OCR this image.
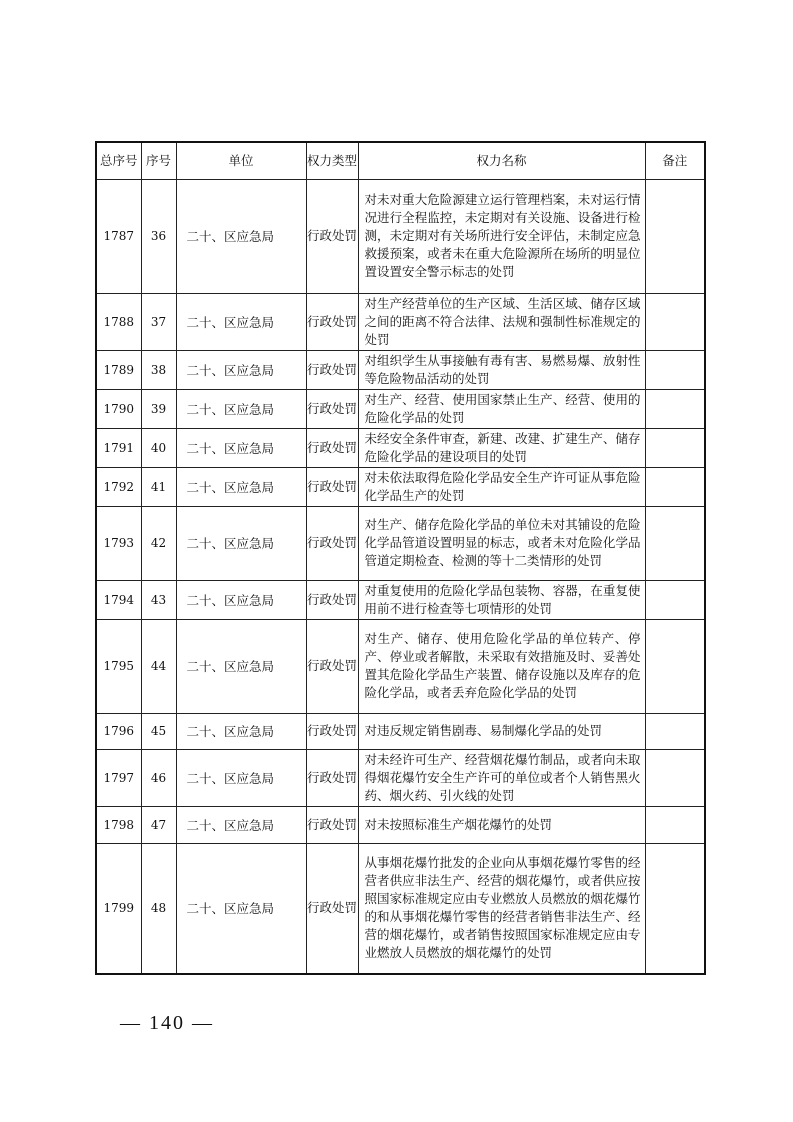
总序号	序号	单位	权力类型	权力名称	备注
1787	36	二十、区应急局	行政处罚	对未对重大危险源建立运行管理档案，未对运行情况进行全程监控，未定期对有关设施、设备进行检测，未定期对有关场所进行安全评估，未制定应急救援预案，或者未在重大危险源所在场所的明显位置设置安全警示标志的处罚	
1788	37	二十、区应急局	行政处罚	对生产经营单位的生产区域、生活区域、储存区域之间的距离不符合法律、法规和强制性标准规定的处罚	
1789	38	二十、区应急局	行政处罚	对组织学生从事接触有毒有害、易燃易爆、放射性等危险物品活动的处罚	
1790	39	二十、区应急局	行政处罚	对生产、经营、使用国家禁止生产、经营、使用的危险化学品的处罚	
1791	40	二十、区应急局	行政处罚	未经安全条件审查，新建、改建、扩建生产、储存危险化学品的建设项目的处罚	
1792	41	二十、区应急局	行政处罚	对未依法取得危险化学品安全生产许可证从事危险化学品生产的处罚	
1793	42	二十、区应急局	行政处罚	对生产、储存危险化学品的单位未对其铺设的危险化学品管道设置明显的标志，或者未对危险化学品管道定期检查、检测的等十二类情形的处罚	
1794	43	二十、区应急局	行政处罚	对重复使用的危险化学品包装物、容器，在重复使用前不进行检查等七项情形的处罚	
1795	44	二十、区应急局	行政处罚	对生产、储存、使用危险化学品的单位转产、停产、停业或者解散，未采取有效措施及时、妥善处置其危险化学品生产装置、储存设施以及库存的危险化学品，或者丢弃危险化学品的处罚	
1796	45	二十、区应急局	行政处罚	对违反规定销售剧毒、易制爆化学品的处罚	
1797	46	二十、区应急局	行政处罚	对未经许可生产、经营烟花爆竹制品，或者向未取得烟花爆竹安全生产许可的单位或者个人销售黑火药、烟火药、引火线的处罚	
1798	47	二十、区应急局	行政处罚	对未按照标准生产烟花爆竹的处罚	
1799	48	二十、区应急局	行政处罚	从事烟花爆竹批发的企业向从事烟花爆竹零售的经营者供应非法生产、经营的烟花爆竹，或者供应按照国家标准规定应由专业燃放人员燃放的烟花爆竹的和从事烟花爆竹零售的经营者销售非法生产、经营的烟花爆竹，或者销售按照国家标准规定应由专业燃放人员燃放的烟花爆竹的处罚	
— 140 —
